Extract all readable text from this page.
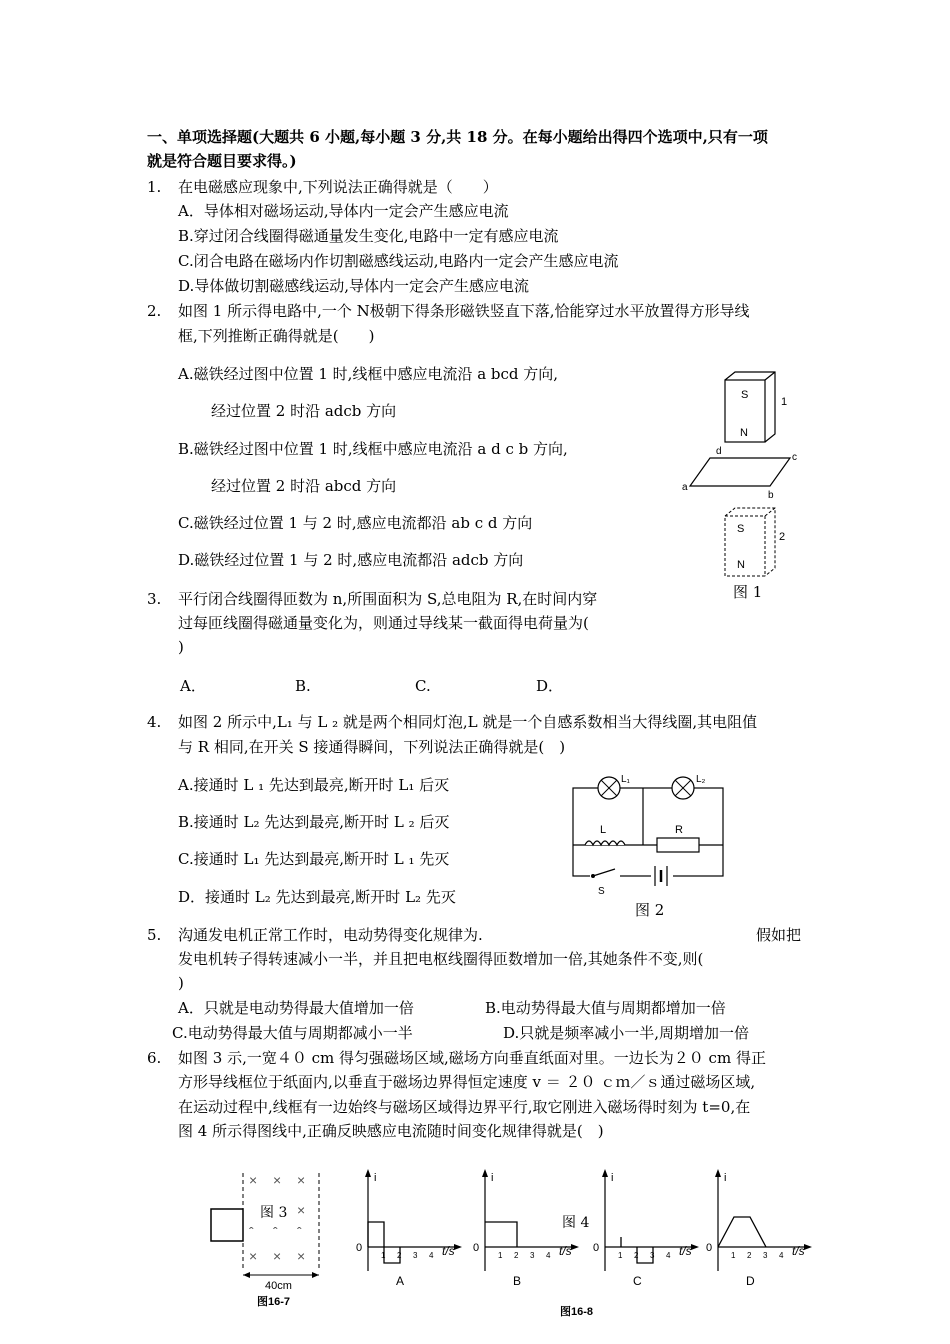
一、单项选择题(大题共 6 小题,每小题 3 分,共 18 分。在每小题给出得四个选项中,只有一项
就是符合题目要求得。)
1. 在电磁感应现象中,下列说法正确得就是（　　）
A．导体相对磁场运动,导体内一定会产生感应电流
B.穿过闭合线圈得磁通量发生变化,电路中一定有感应电流
C.闭合电路在磁场内作切割磁感线运动,电路内一定会产生感应电流
D.导体做切割磁感线运动,导体内一定会产生感应电流
2. 如图 1 所示得电路中,一个 N极朝下得条形磁铁竖直下落,恰能穿过水平放置得方形导线
框,下列推断正确得就是(　　)
A.磁铁经过图中位置 1 时,线框中感应电流沿 a bcd 方向,
经过位置 2 时沿 adcb 方向
B.磁铁经过图中位置 1 时,线框中感应电流沿 a d c b 方向,
经过位置 2 时沿 abcd 方向
C.磁铁经过位置 1 与 2 时,感应电流都沿 ab c d 方向
D.磁铁经过位置 1 与 2 时,感应电流都沿 adcb 方向
S
N
1
a
b
c
d
S
N
2
图 1
3. 平行闭合线圈得匝数为 n,所围面积为 S,总电阻为 R,在时间内穿
过每匝线圈得磁通量变化为，则通过导线某一截面得电荷量为(
)
A．	B.	C.	D．
4. 如图 2 所示中,L₁ 与 L ₂ 就是两个相同灯泡,L 就是一个自感系数相当大得线圈,其电阻值
与 R 相同,在开关 S 接通得瞬间，下列说法正确得就是(　)
A.接通时 L ₁ 先达到最亮,断开时 L₁ 后灭
B.接通时 L₂ 先达到最亮,断开时 L ₂ 后灭
C.接通时 L₁ 先达到最亮,断开时 L ₁ 先灭
D．接通时 L₂ 先达到最亮,断开时 L₂ 先灭
L₁	L₂
L	R
S
图 2
5. 沟通发电机正常工作时，电动势得变化规律为.	假如把
发电机转子得转速减小一半，并且把电枢线圈得匝数增加一倍,其她条件不变,则(
)
A．只就是电动势得最大值增加一倍	B.电动势得最大值与周期都增加一倍
C.电动势得最大值与周期都减小一半	D.只就是频率减小一半,周期增加一倍
6. 如图 3 示,一宽４０ cm 得匀强磁场区域,磁场方向垂直纸面对里。一边长为２０ cm 得正
方形导线框位于纸面内,以垂直于磁场边界得恒定速度 v ＝ ２０ ｃｍ／ｓ通过磁场区域,
在运动过程中,线框有一边始终与磁场区域得边界平行,取它刚进入磁场得时刻为 t=0,在
图 4 所示得图线中,正确反映感应电流随时间变化规律得就是(　)
× × ×
×
ˆ ˆ ˆ
× × ×
40cm
图 3
图16-7
i
0
1 2 3 4 t/s
A
i
0
1 2 3 4 t/s
B
i
0
1 2 3 4 t/s
C
i
0
1 2 3 4 t/s
D
图 4
图16-8
